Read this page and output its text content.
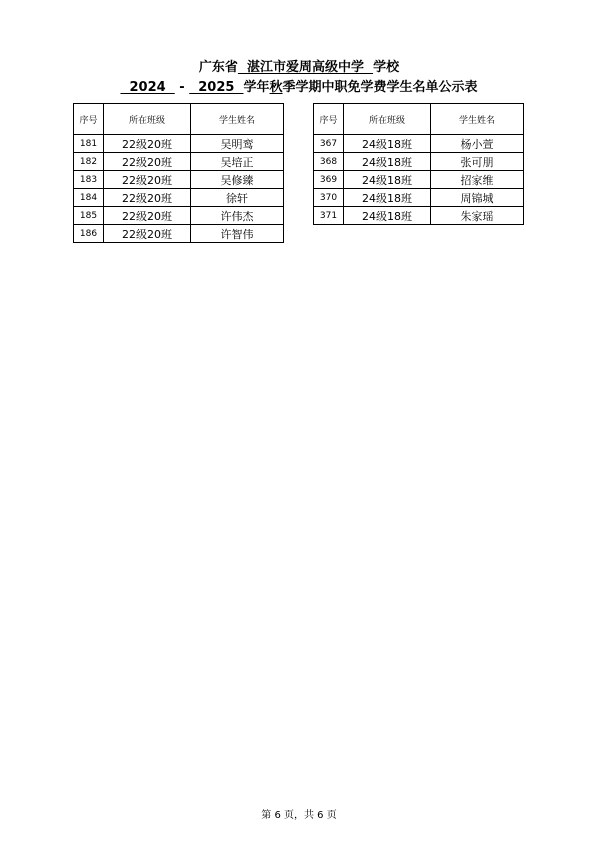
广东省 湛江市爱周高级中学 学校
2024   -   2025  学年秋季学期中职免学费学生名单公示表
序号	所在班级	学生姓名
181	22级20班	吴明鸾
182	22级20班	吴培正
183	22级20班	吴修臻
184	22级20班	徐轩
185	22级20班	许伟杰
186	22级20班	许智伟
序号	所在班级	学生姓名
367	24级18班	杨小萱
368	24级18班	张可朋
369	24级18班	招家维
370	24级18班	周锦城
371	24级18班	朱家瑶
第 6 页，共 6 页
